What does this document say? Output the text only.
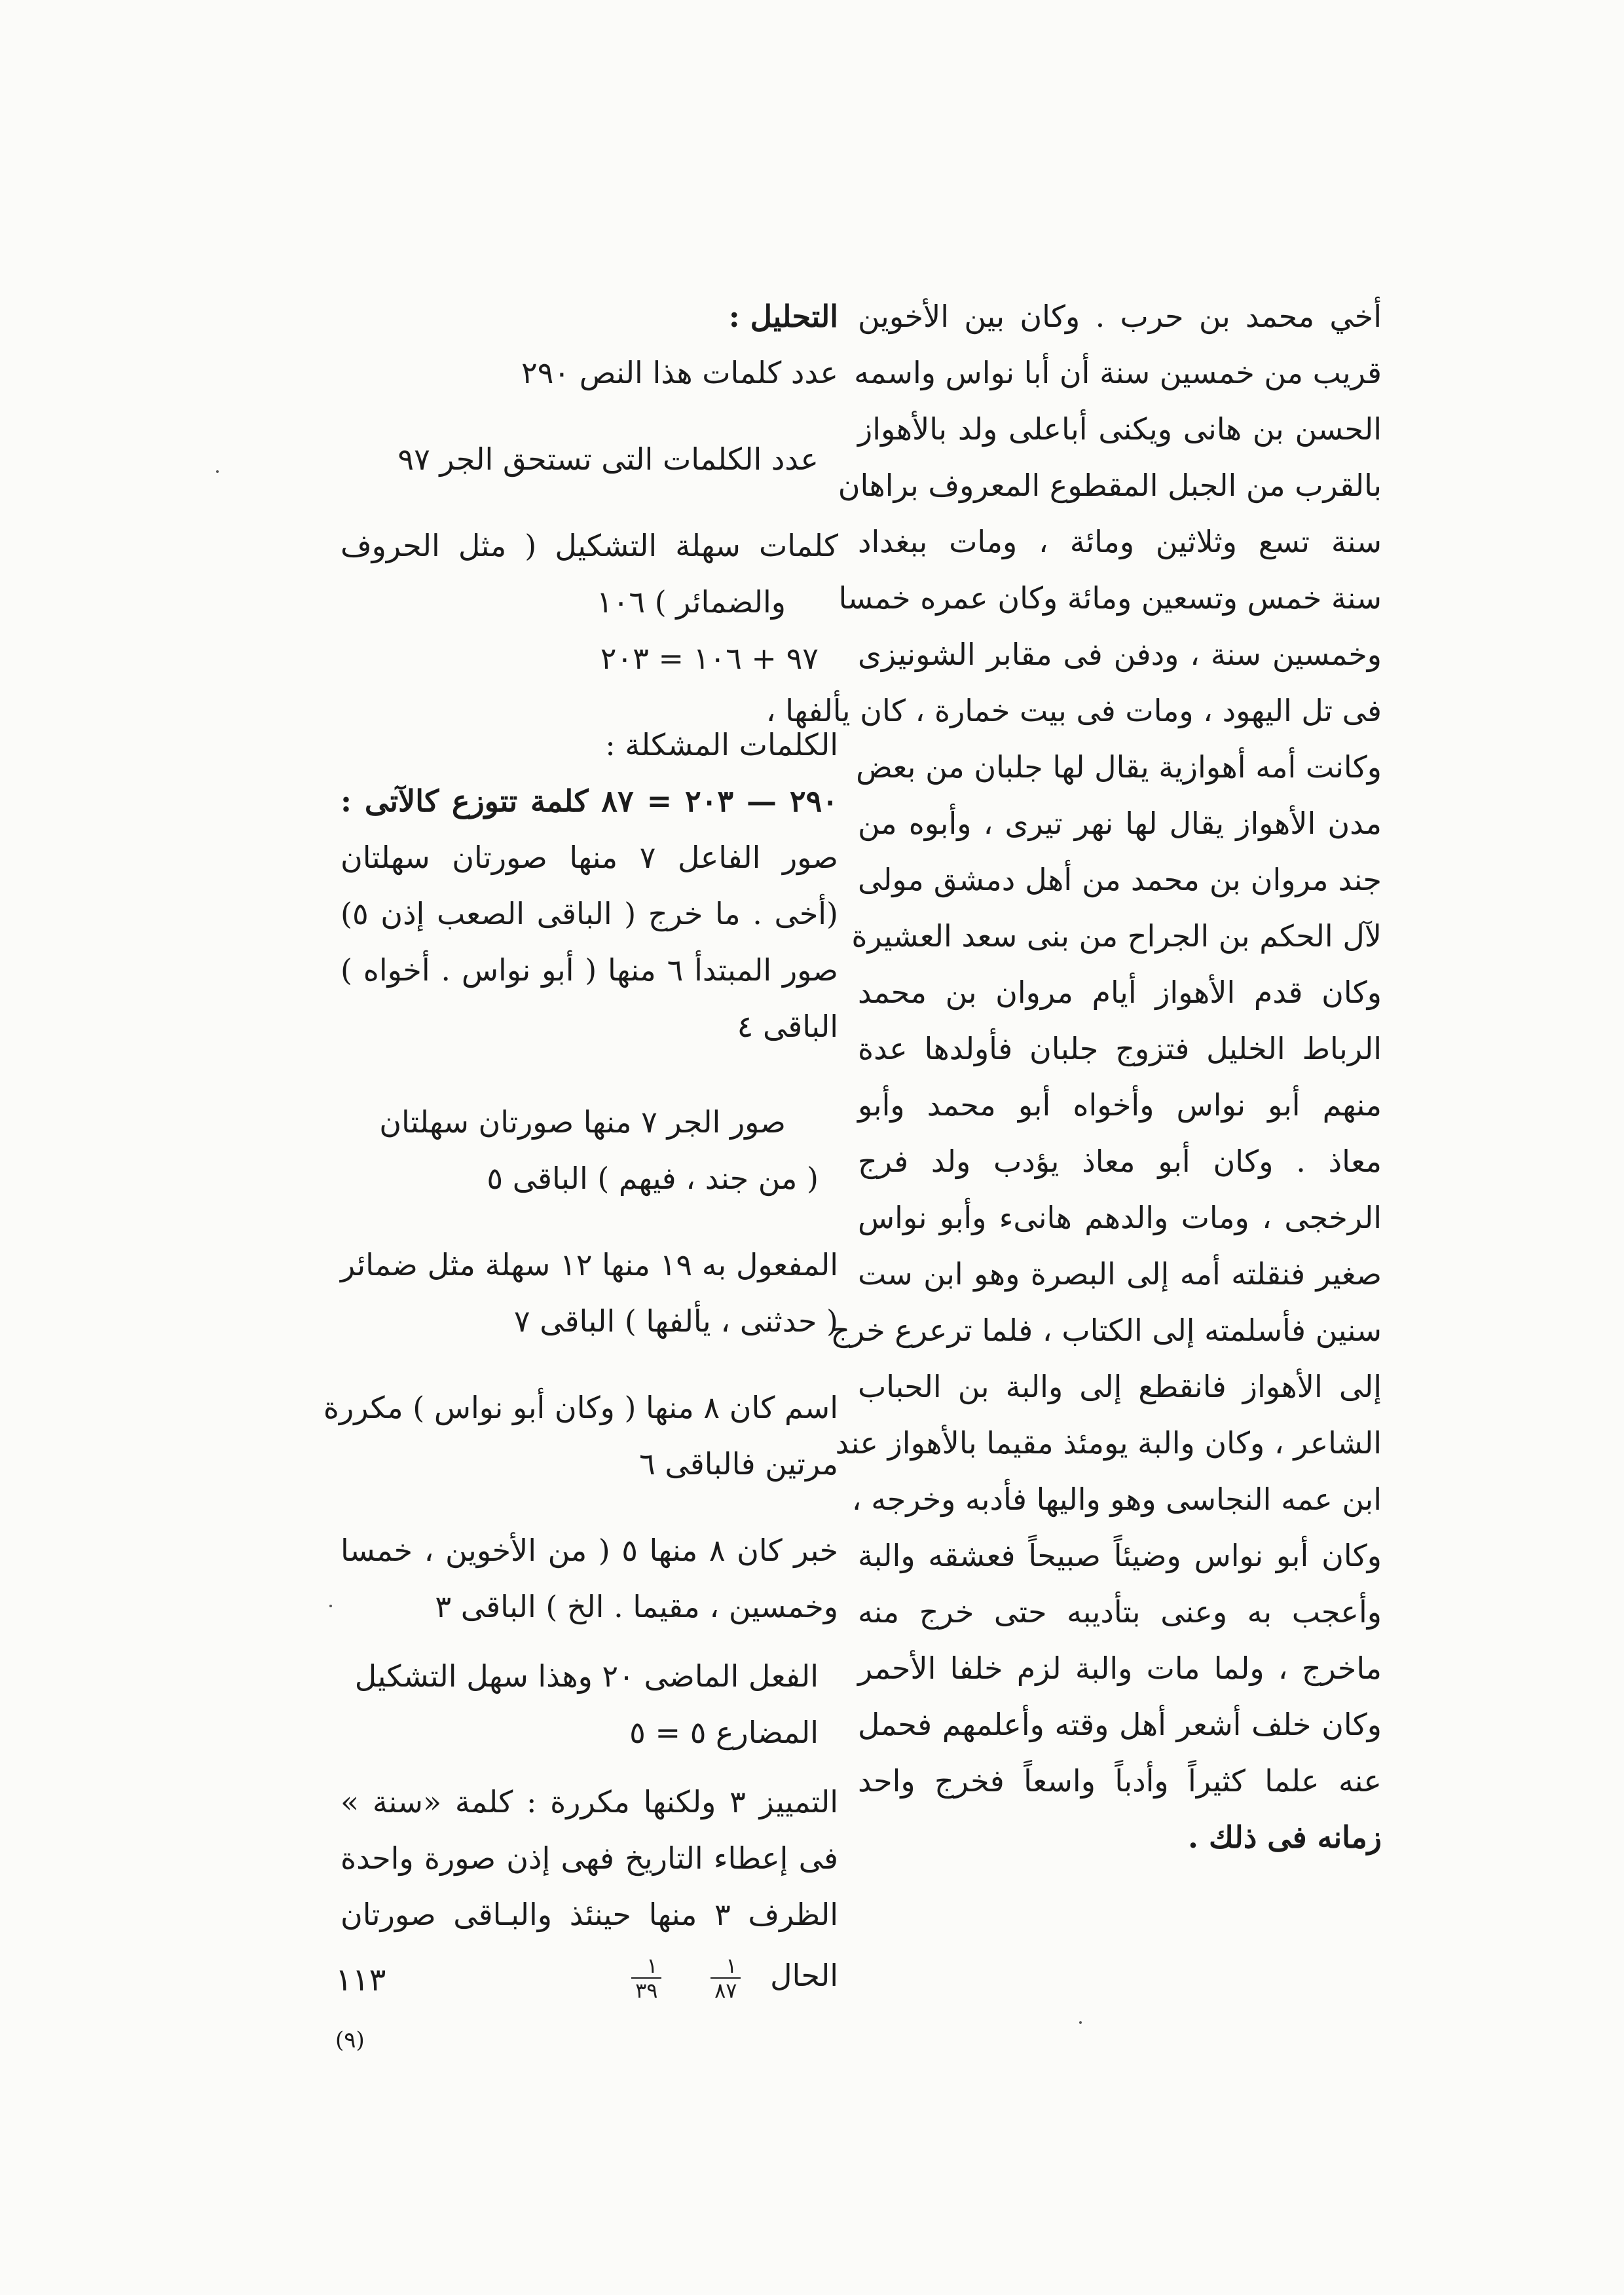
أخي محمد بن حرب . وكان بين الأخوين
قريب من خمسين سنة أن أبا نواس واسمه
الحسن بن هانى ويكنى أباعلى ولد بالأهواز
بالقرب من الجبل المقطوع المعروف براهان
سنة تسع وثلاثين ومائة ، ومات ببغداد
سنة خمس وتسعين ومائة وكان عمره خمسا
وخمسين سنة ، ودفن فى مقابر الشونيزى
فى تل اليهود ، ومات فى بيت خمارة ، كان يألفها ،
وكانت أمه أهوازية يقال لها جلبان من بعض
مدن الأهواز يقال لها نهر تيرى ، وأبوه من
جند مروان بن محمد من أهل دمشق مولى
لآل الحكم بن الجراح من بنى سعد العشيرة
وكان قدم الأهواز أيام مروان بن محمد
الرباط الخليل فتزوج جلبان فأولدها عدة
منهم أبو نواس وأخواه أبو محمد وأبو
معاذ . وكان أبو معاذ يؤدب ولد فرج
الرخجى ، ومات والدهم هانىء وأبو نواس
صغير فنقلته أمه إلى البصرة وهو ابن ست
سنين فأسلمته إلى الكتاب ، فلما ترعرع خرج
إلى الأهواز فانقطع إلى والبة بن الحباب
الشاعر ، وكان والبة يومئذ مقيما بالأهواز عند
ابن عمه النجاسى وهو واليها فأدبه وخرجه ،
وكان أبو نواس وضيئاً صبيحاً فعشقه والبة
وأعجب به وعنى بتأديبه حتى خرج منه
ماخرج ، ولما مات والبة لزم خلفا الأحمر
وكان خلف أشعر أهل وقته وأعلمهم فحمل
عنه علما كثيراً وأدباً واسعاً فخرج واحد
زمانه فى ذلك .
التحليل :
عدد كلمات هذا النص ٢٩٠
عدد الكلمات التى تستحق الجر ٩٧
كلمات سهلة التشكيل ( مثل الحروف
والضمائر ) ١٠٦
٩٧ + ١٠٦ = ٢٠٣
الكلمات المشكلة :
٢٩٠ — ٢٠٣ = ٨٧ كلمة تتوزع كالآتى :
صور الفاعل ٧ منها صورتان سهلتان
(أخى . ما خرج ( الباقى الصعب إذن ٥)
صور المبتدأ ٦ منها ( أبو نواس . أخواه )
الباقى ٤
صور الجر ٧ منها صورتان سهلتان
( من جند ، فيهم ) الباقى ٥
المفعول به ١٩ منها ١٢ سهلة مثل ضمائر
( حدثنى ، يألفها ) الباقى ٧
اسم كان ٨ منها ( وكان أبو نواس ) مكررة
مرتين فالباقى ٦
خبر كان ٨ منها ٥ ( من الأخوين ، خمسا
وخمسين ، مقيما . الخ ) الباقى ٣
الفعل الماضى ٢٠ وهذا سهل التشكيل
المضارع ٥ = ٥
التمييز ٣ ولكنها مكررة : كلمة «سنة »
فى إعطاء التاريخ فهى إذن صورة واحدة
الظرف ٣ منها حينئذ والبـاقى صورتان
الحال
$\frac{١}{٨٧}$

$\frac{١}{٣٩}$
١١٣
(٩)
